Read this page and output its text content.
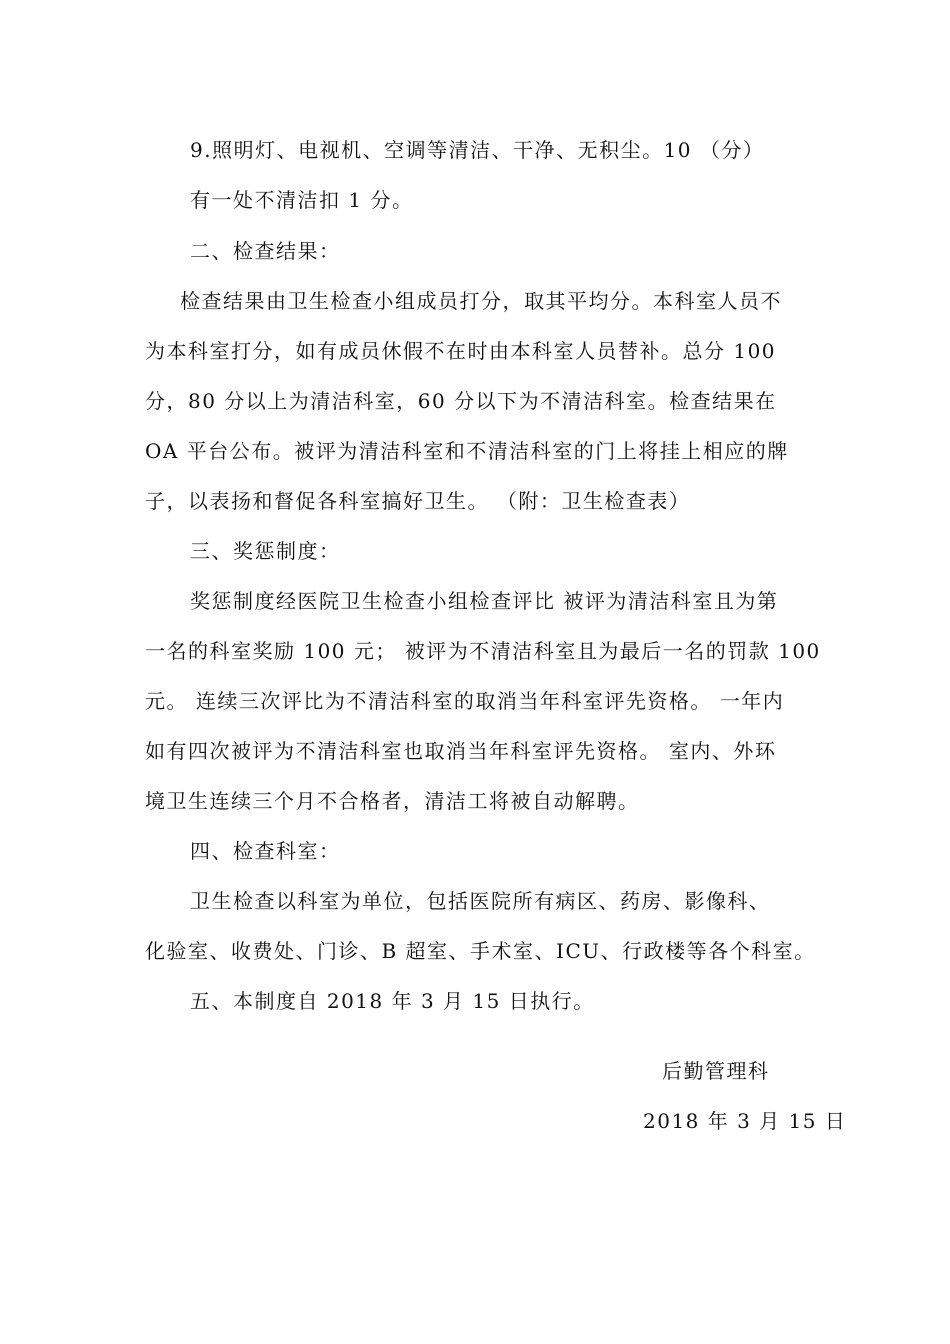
9.照明灯、电视机、空调等清洁、干净、无积尘。10 （分）
有一处不清洁扣 1 分。
二、检查结果：
检查结果由卫生检查小组成员打分，取其平均分。本科室人员不
为本科室打分，如有成员休假不在时由本科室人员替补。总分 100
分，80 分以上为清洁科室，60 分以下为不清洁科室。检查结果在
OA 平台公布。被评为清洁科室和不清洁科室的门上将挂上相应的牌
子，以表扬和督促各科室搞好卫生。 （附：卫生检查表）
三、奖惩制度：
奖惩制度经医院卫生检查小组检查评比 被评为清洁科室且为第
一名的科室奖励 100 元； 被评为不清洁科室且为最后一名的罚款 100
元。 连续三次评比为不清洁科室的取消当年科室评先资格。 一年内
如有四次被评为不清洁科室也取消当年科室评先资格。 室内、外环
境卫生连续三个月不合格者，清洁工将被自动解聘。
四、检查科室：
卫生检查以科室为单位，包括医院所有病区、药房、影像科、
化验室、收费处、门诊、B 超室、手术室、ICU、行政楼等各个科室。
五、本制度自 2018 年 3 月 15 日执行。
后勤管理科
2018 年 3 月 15 日
